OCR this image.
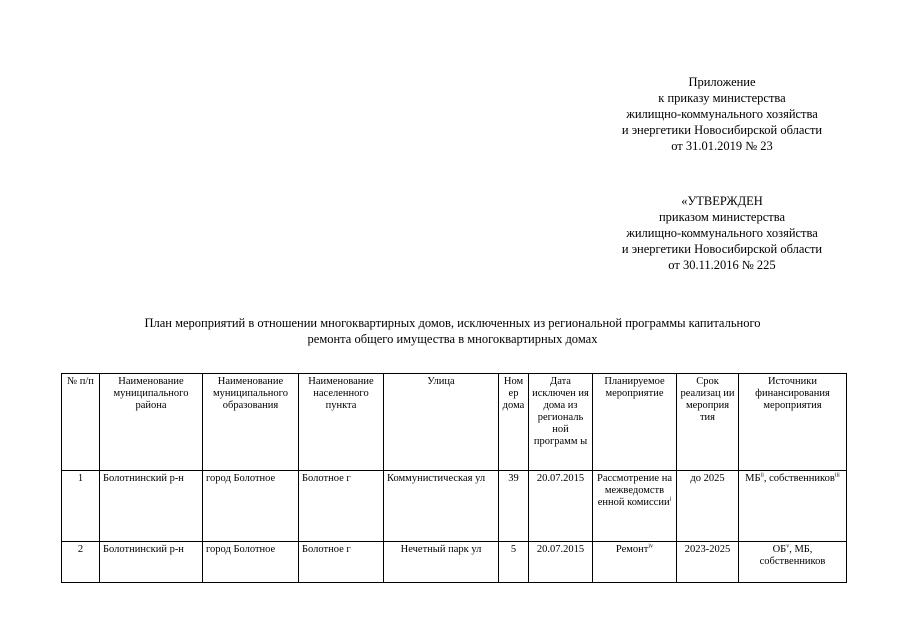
Приложение
к приказу министерства
жилищно-коммунального хозяйства
и энергетики Новосибирской области
от 31.01.2019 № 23
«УТВЕРЖДЕН
приказом министерства
жилищно-коммунального хозяйства
и энергетики Новосибирской области
от 30.11.2016 № 225
План мероприятий в отношении многоквартирных домов, исключенных из региональной программы капитального
ремонта общего имущества в многоквартирных домах
№ п/п	Наименование муниципального района	Наименование муниципального образования	Наименование населенного пункта	Улица	Ном ер дома	Дата исключен ия дома из региональ ной программ ы	Планируемое мероприятие	Срок реализац ии мероприя тия	Источники финансирования мероприятия
1	Болотнинский р-н	город Болотное	Болотное г	Коммунистическая ул	39	20.07.2015	Рассмотрение на межведомств енной комиссии$^i$	до 2025	МБ$^{ii}$, собственников$^{iii}$
2	Болотнинский р-н	город Болотное	Болотное г	Нечетный парк ул	5	20.07.2015	Ремонт$^{iv}$	2023-2025	$ОБ^v$, МБ, собственников
